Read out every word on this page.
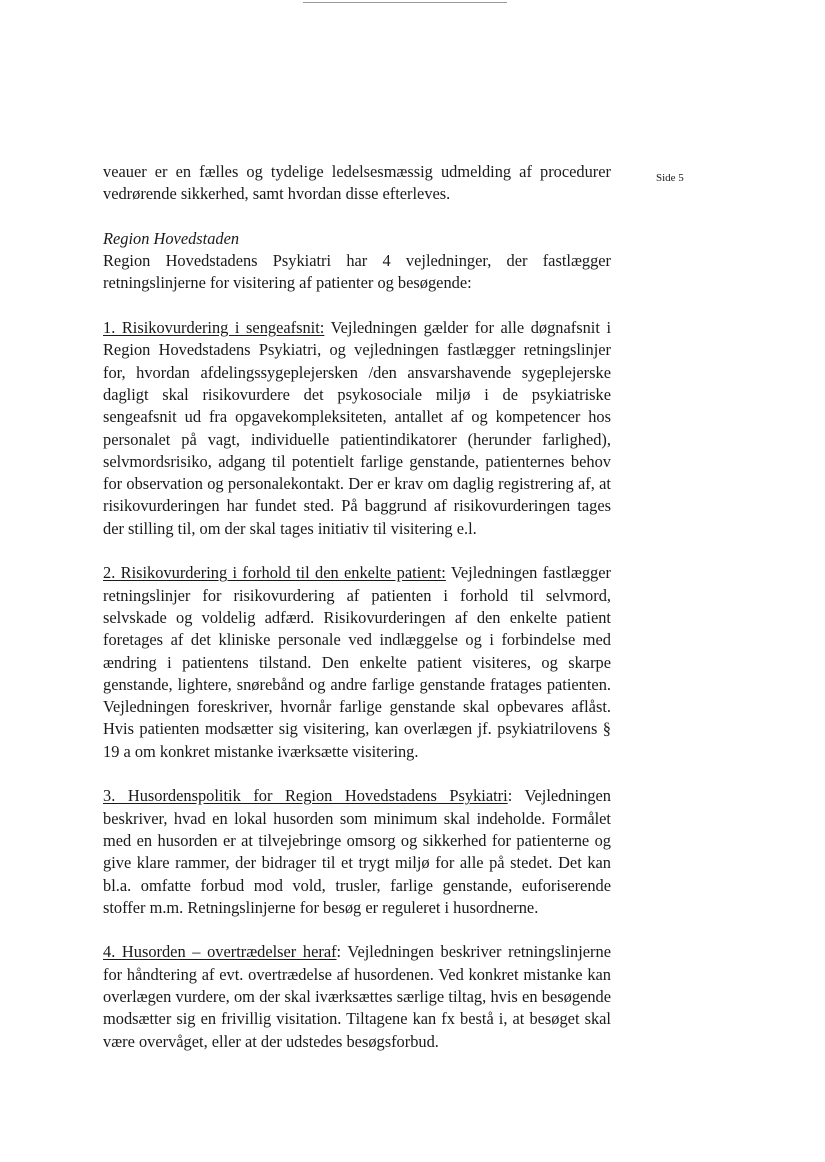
Side 5

veauer er en fælles og tydelige ledelsesmæssig udmelding af procedurer vedrørende sikkerhed, samt hvordan disse efterleves.

Region Hovedstaden

Region Hovedstadens Psykiatri har 4 vejledninger, der fastlægger retningslinjerne for visitering af patienter og besøgende:

1. Risikovurdering i sengeafsnit: Vejledningen gælder for alle døgnafsnit i Region Hovedstadens Psykiatri, og vejledningen fastlægger retningslinjer for, hvordan afdelingssygeplejersken /den ansvarshavende sygeplejerske dagligt skal risikovurdere det psykosociale miljø i de psykiatriske sengeafsnit ud fra opgavekompleksiteten, antallet af og kompetencer hos personalet på vagt, individuelle patientindikatorer (herunder farlighed), selvmordsrisiko, adgang til potentielt farlige genstande, patienternes behov for observation og personalekontakt. Der er krav om daglig registrering af, at risikovurderingen har fundet sted. På baggrund af risikovurderingen tages der stilling til, om der skal tages initiativ til visitering e.l.

2. Risikovurdering i forhold til den enkelte patient: Vejledningen fastlægger retningslinjer for risikovurdering af patienten i forhold til selvmord, selvskade og voldelig adfærd. Risikovurderingen af den enkelte patient foretages af det kliniske personale ved indlæggelse og i forbindelse med ændring i patientens tilstand. Den enkelte patient visiteres, og skarpe genstande, lightere, snørebånd og andre farlige genstande fratages patienten. Vejledningen foreskriver, hvornår farlige genstande skal opbevares aflåst. Hvis patienten modsætter sig visitering, kan overlægen jf. psykiatrilovens § 19 a om konkret mistanke iværksætte visitering.

3. Husordenspolitik for Region Hovedstadens Psykiatri: Vejledningen beskriver, hvad en lokal husorden som minimum skal indeholde. Formålet med en husorden er at tilvejebringe omsorg og sikkerhed for patienterne og give klare rammer, der bidrager til et trygt miljø for alle på stedet. Det kan bl.a. omfatte forbud mod vold, trusler, farlige genstande, euforiserende stoffer m.m. Retningslinjerne for besøg er reguleret i husordnerne.

4. Husorden – overtrædelser heraf: Vejledningen beskriver retningslinjerne for håndtering af evt. overtrædelse af husordenen. Ved konkret mistanke kan overlægen vurdere, om der skal iværksættes særlige tiltag, hvis en besøgende modsætter sig en frivillig visitation. Tiltagene kan fx bestå i, at besøget skal være overvåget, eller at der udstedes besøgsforbud.
